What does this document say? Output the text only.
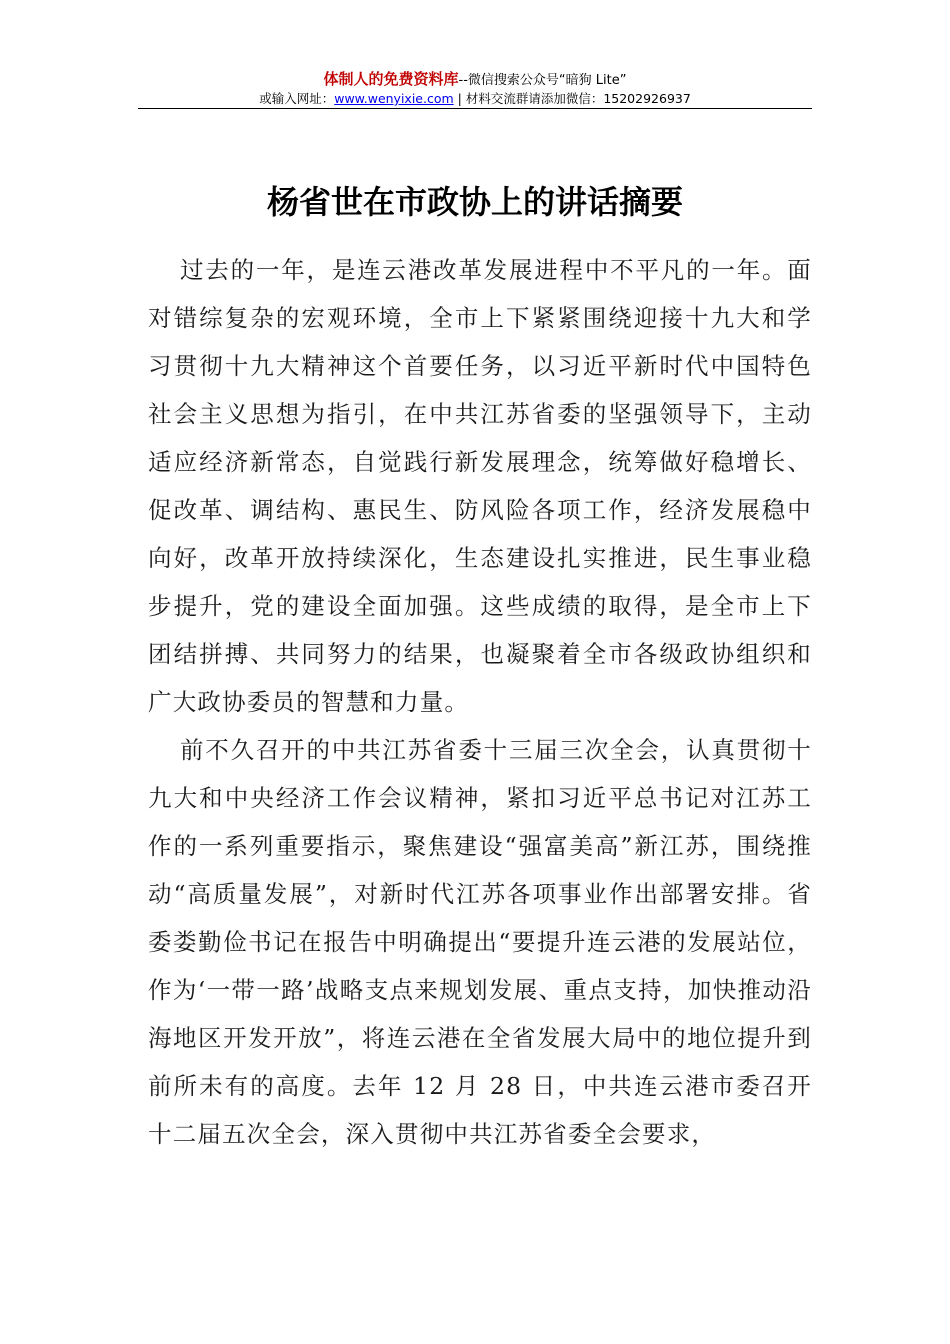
体制人的免费资料库--微信搜索公众号“暗狗 Lite”
或输入网址：www.wenyixie.com | 材料交流群请添加微信：15202926937
杨省世在市政协上的讲话摘要

过去的一年，是连云港改革发展进程中不平凡的一年。面对错综复杂的宏观环境，全市上下紧紧围绕迎接十九大和学习贯彻十九大精神这个首要任务，以习近平新时代中国特色社会主义思想为指引，在中共江苏省委的坚强领导下，主动适应经济新常态，自觉践行新发展理念，统筹做好稳增长、促改革、调结构、惠民生、防风险各项工作，经济发展稳中向好，改革开放持续深化，生态建设扎实推进，民生事业稳步提升，党的建设全面加强。这些成绩的取得，是全市上下团结拼搏、共同努力的结果，也凝聚着全市各级政协组织和广大政协委员的智慧和力量。

前不久召开的中共江苏省委十三届三次全会，认真贯彻十九大和中央经济工作会议精神，紧扣习近平总书记对江苏工作的一系列重要指示，聚焦建设“强富美高”新江苏，围绕推动“高质量发展”，对新时代江苏各项事业作出部署安排。省委娄勤俭书记在报告中明确提出“要提升连云港的发展站位，作为‘一带一路’战略支点来规划发展、重点支持，加快推动沿海地区开发开放”，将连云港在全省发展大局中的地位提升到前所未有的高度。去年 12 月 28 日，中共连云港市委召开十二届五次全会，深入贯彻中共江苏省委全会要求，
